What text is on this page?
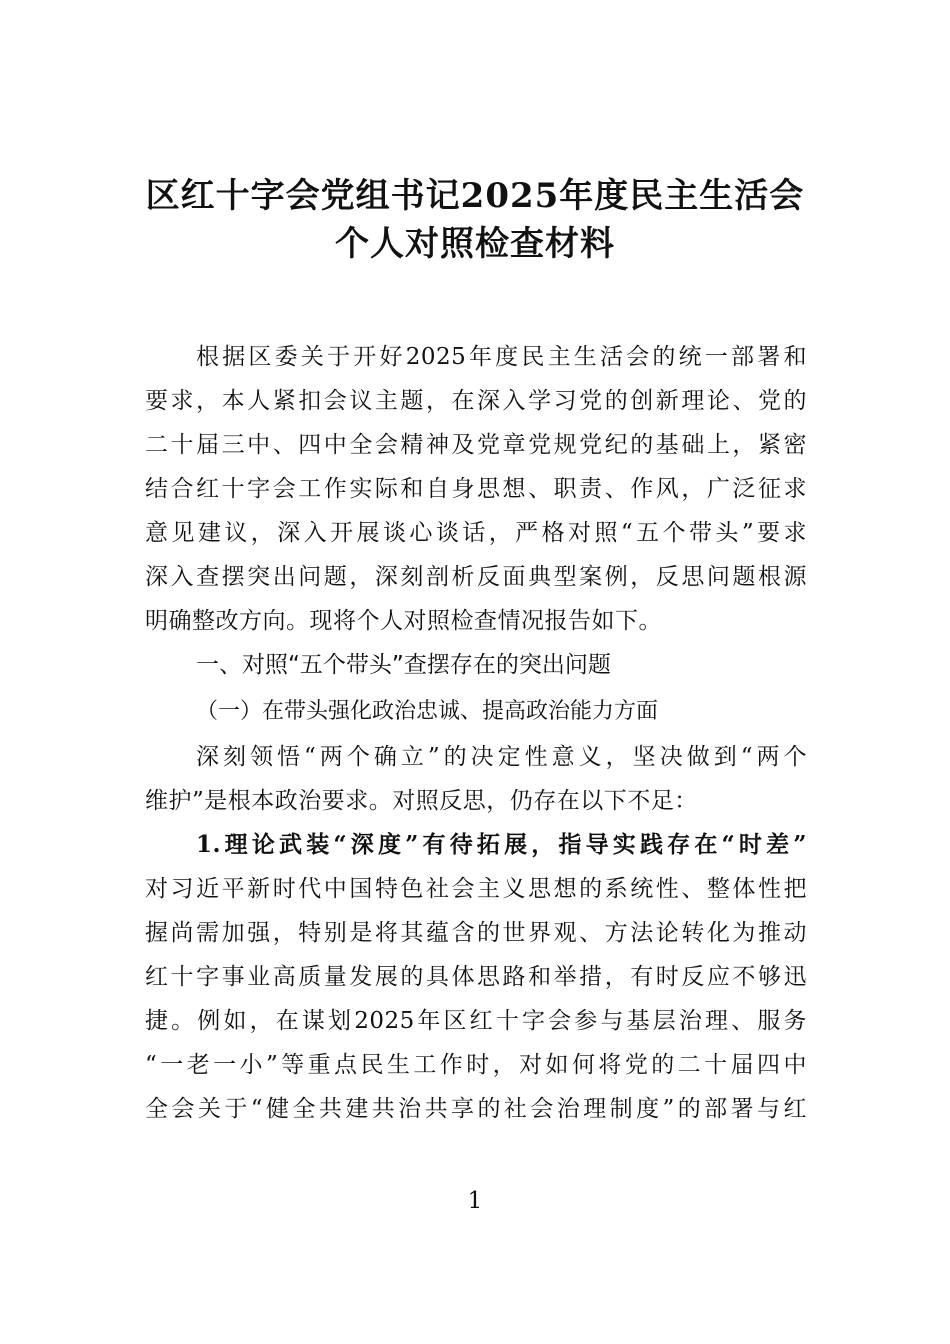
区红十字会党组书记2025年度民主生活会
个人对照检查材料
根据区委关于开好2025年度民主生活会的统一部署和
要求，本人紧扣会议主题，在深入学习党的创新理论、党的
二十届三中、四中全会精神及党章党规党纪的基础上，紧密
结合红十字会工作实际和自身思想、职责、作风，广泛征求
意见建议，深入开展谈心谈话，严格对照“五个带头”要求
深入查摆突出问题，深刻剖析反面典型案例，反思问题根源
明确整改方向。现将个人对照检查情况报告如下。
一、对照“五个带头”查摆存在的突出问题
（一）在带头强化政治忠诚、提高政治能力方面
深刻领悟“两个确立”的决定性意义，坚决做到“两个
维护”是根本政治要求。对照反思，仍存在以下不足：
1.理论武装“深度”有待拓展，指导实践存在“时差”
对习近平新时代中国特色社会主义思想的系统性、整体性把
握尚需加强，特别是将其蕴含的世界观、方法论转化为推动
红十字事业高质量发展的具体思路和举措，有时反应不够迅
捷。例如，在谋划2025年区红十字会参与基层治理、服务
“一老一小”等重点民生工作时，对如何将党的二十届四中
全会关于“健全共建共治共享的社会治理制度”的部署与红
1
